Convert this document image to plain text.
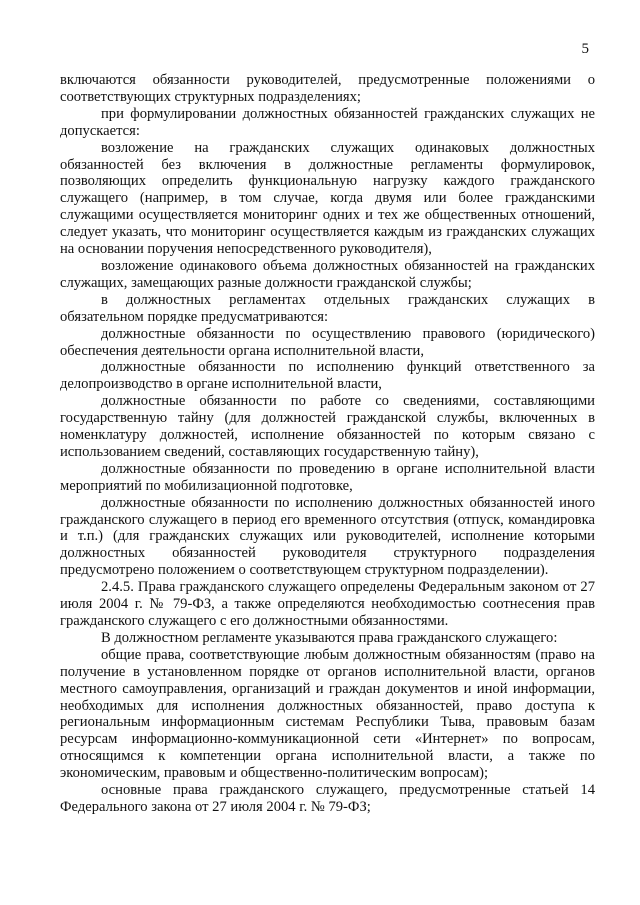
5

включаются обязанности руководителей, предусмотренные положениями о соответствующих структурных подразделениях;

при формулировании должностных обязанностей гражданских служащих не допускается:

возложение на гражданских служащих одинаковых должностных обязанностей без включения в должностные регламенты формулировок, позволяющих определить функциональную нагрузку каждого гражданского служащего (например, в том случае, когда двумя или более гражданскими служащими осуществляется мониторинг одних и тех же общественных отношений, следует указать, что мониторинг осуществляется каждым из гражданских служащих на основании поручения непосредственного руководителя),

возложение одинакового объема должностных обязанностей на гражданских служащих, замещающих разные должности гражданской службы;

в должностных регламентах отдельных гражданских служащих в обязательном порядке предусматриваются:

должностные обязанности по осуществлению правового (юридического) обеспечения деятельности органа исполнительной власти,

должностные обязанности по исполнению функций ответственного за делопроизводство в органе исполнительной власти,

должностные обязанности по работе со сведениями, составляющими государственную тайну (для должностей гражданской службы, включенных в номенклатуру должностей, исполнение обязанностей по которым связано с использованием сведений, составляющих государственную тайну),

должностные обязанности по проведению в органе исполнительной власти мероприятий по мобилизационной подготовке,

должностные обязанности по исполнению должностных обязанностей иного гражданского служащего в период его временного отсутствия (отпуск, командировка и т.п.) (для гражданских служащих или руководителей, исполнение которыми должностных обязанностей руководителя структурного подразделения предусмотрено положением о соответствующем структурном подразделении).

2.4.5. Права гражданского служащего определены Федеральным законом от 27 июля 2004 г. № 79-ФЗ, а также определяются необходимостью соотнесения прав гражданского служащего с его должностными обязанностями.

В должностном регламенте указываются права гражданского служащего:

общие права, соответствующие любым должностным обязанностям (право на получение в установленном порядке от органов исполнительной власти, органов местного самоуправления, организаций и граждан документов и иной информации, необходимых для исполнения должностных обязанностей, право доступа к региональным информационным системам Республики Тыва, правовым базам ресурсам информационно-коммуникационной сети «Интернет» по вопросам, относящимся к компетенции органа исполнительной власти, а также по экономическим, правовым и общественно-политическим вопросам);

основные права гражданского служащего, предусмотренные статьей 14 Федерального закона от 27 июля 2004 г. № 79-ФЗ;
